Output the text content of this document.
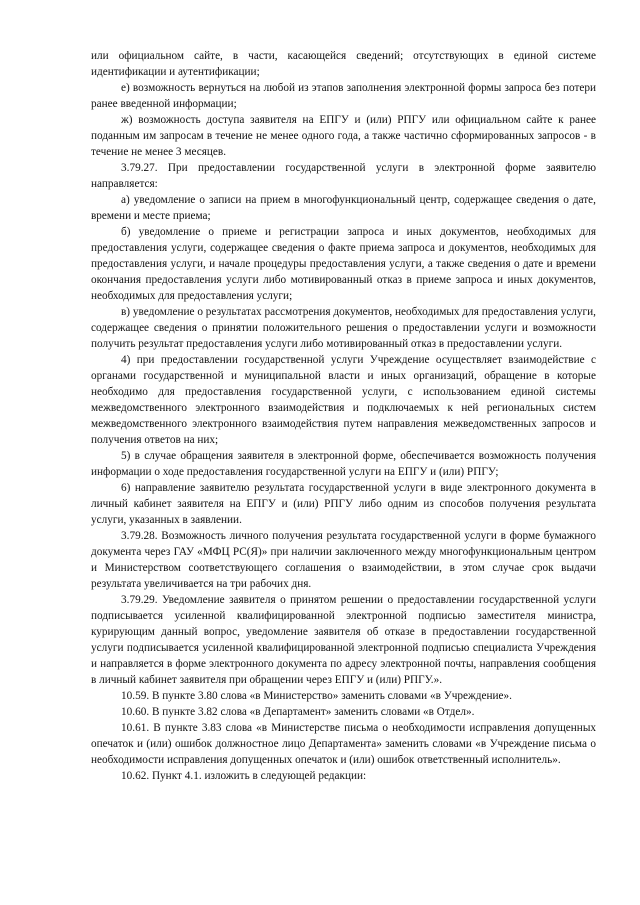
или официальном сайте, в части, касающейся сведений; отсутствующих в единой системе идентификации и аутентификации;

е) возможность вернуться на любой из этапов заполнения электронной формы запроса без потери ранее введенной информации;

ж) возможность доступа заявителя на ЕПГУ и (или) РПГУ или официальном сайте к ранее поданным им запросам в течение не менее одного года, а также частично сформированных запросов - в течение не менее 3 месяцев.

3.79.27. При предоставлении государственной услуги в электронной форме заявителю направляется:

а) уведомление о записи на прием в многофункциональный центр, содержащее сведения о дате, времени и месте приема;

б) уведомление о приеме и регистрации запроса и иных документов, необходимых для предоставления услуги, содержащее сведения о факте приема запроса и документов, необходимых для предоставления услуги, и начале процедуры предоставления услуги, а также сведения о дате и времени окончания предоставления услуги либо мотивированный отказ в приеме запроса и иных документов, необходимых для предоставления услуги;

в) уведомление о результатах рассмотрения документов, необходимых для предоставления услуги, содержащее сведения о принятии положительного решения о предоставлении услуги и возможности получить результат предоставления услуги либо мотивированный отказ в предоставлении услуги.

4) при предоставлении государственной услуги Учреждение осуществляет взаимодействие с органами государственной и муниципальной власти и иных организаций, обращение в которые необходимо для предоставления государственной услуги, с использованием единой системы межведомственного электронного взаимодействия и подключаемых к ней региональных систем межведомственного электронного взаимодействия путем направления межведомственных запросов и получения ответов на них;

5) в случае обращения заявителя в электронной форме, обеспечивается возможность получения информации о ходе предоставления государственной услуги на ЕПГУ и (или) РПГУ;

6) направление заявителю результата государственной услуги в виде электронного документа в личный кабинет заявителя на ЕПГУ и (или) РПГУ либо одним из способов получения результата услуги, указанных в заявлении.

3.79.28. Возможность личного получения результата государственной услуги в форме бумажного документа через ГАУ «МФЦ РС(Я)» при наличии заключенного между многофункциональным центром и Министерством соответствующего соглашения о взаимодействии, в этом случае срок выдачи результата увеличивается на три рабочих дня.

3.79.29. Уведомление заявителя о принятом решении о предоставлении государственной услуги подписывается усиленной квалифицированной электронной подписью заместителя министра, курирующим данный вопрос, уведомление заявителя об отказе в предоставлении государственной услуги подписывается усиленной квалифицированной электронной подписью специалиста Учреждения и направляется в форме электронного документа по адресу электронной почты, направления сообщения в личный кабинет заявителя при обращении через ЕПГУ и (или) РПГУ.».

10.59. В пункте 3.80 слова «в Министерство» заменить словами «в Учреждение».

10.60. В пункте 3.82 слова «в Департамент» заменить словами «в Отдел».

10.61. В пункте 3.83 слова «в Министерстве письма о необходимости исправления допущенных опечаток и (или) ошибок должностное лицо Департамента» заменить словами «в Учреждение письма о необходимости исправления допущенных опечаток и (или) ошибок ответственный исполнитель».

10.62. Пункт 4.1. изложить в следующей редакции:
